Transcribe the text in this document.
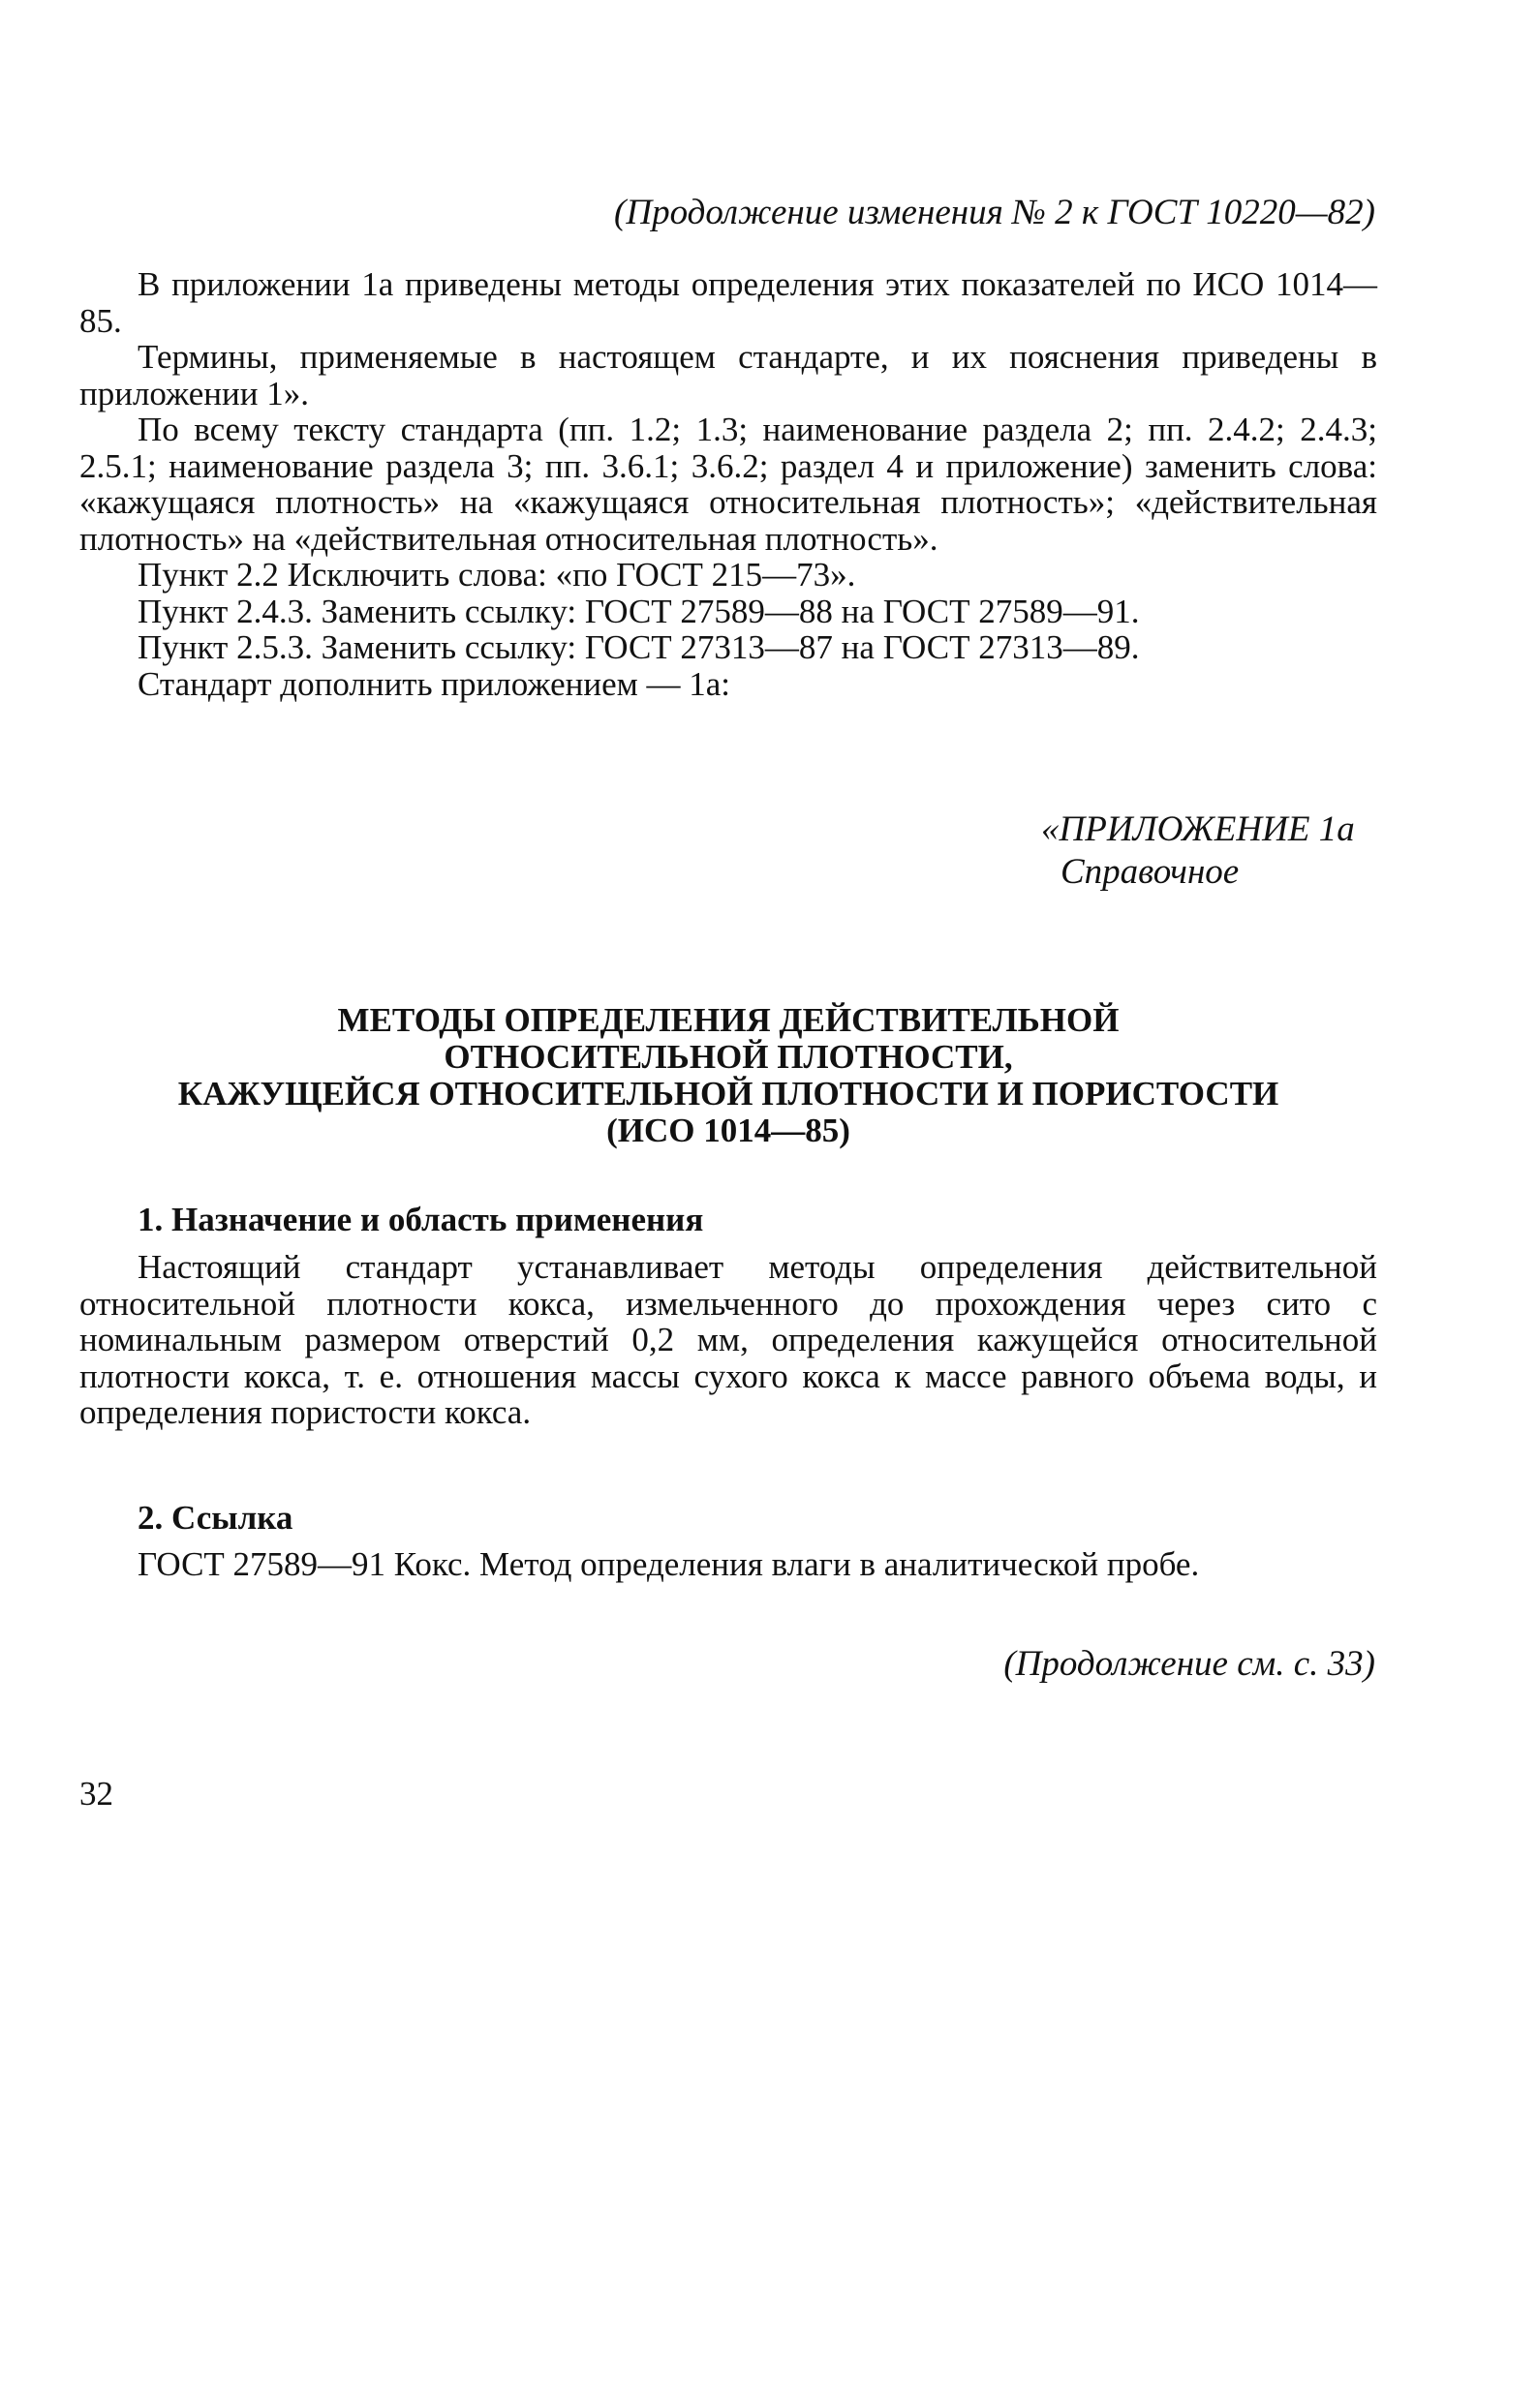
(Продолжение изменения № 2 к ГОСТ 10220—82)

В приложении 1а приведены методы определения этих показателей по ИСО 1014—85.

Термины, применяемые в настоящем стандарте, и их пояснения приведены в приложении 1».

По всему тексту стандарта (пп. 1.2; 1.3; наименование раздела 2; пп. 2.4.2; 2.4.3; 2.5.1; наименование раздела 3; пп. 3.6.1; 3.6.2; раздел 4 и приложение) заменить слова: «кажущаяся плотность» на «кажущаяся относительная плотность»; «действительная плотность» на «действительная относительная плотность».

Пункт 2.2 Исключить слова: «по ГОСТ 215—73».

Пункт 2.4.3. Заменить ссылку: ГОСТ 27589—88 на ГОСТ 27589—91.

Пункт 2.5.3. Заменить ссылку: ГОСТ 27313—87 на ГОСТ 27313—89.

Стандарт дополнить приложением — 1а:

«ПРИЛОЖЕНИЕ 1а
Справочное
МЕТОДЫ ОПРЕДЕЛЕНИЯ ДЕЙСТВИТЕЛЬНОЙ
ОТНОСИТЕЛЬНОЙ ПЛОТНОСТИ,
КАЖУЩЕЙСЯ ОТНОСИТЕЛЬНОЙ ПЛОТНОСТИ И ПОРИСТОСТИ
(ИСО 1014—85)
1. Назначение и область применения

Настоящий стандарт устанавливает методы определения действительной относительной плотности кокса, измельченного до прохождения через сито с номинальным размером отверстий 0,2 мм, определения кажущейся относительной плотности кокса, т. е. отношения массы сухого кокса к массе равного объема воды, и определения пористости кокса.

2. Ссылка

ГОСТ 27589—91 Кокс. Метод определения влаги в аналитической пробе.

(Продолжение см. с. 33)
32
